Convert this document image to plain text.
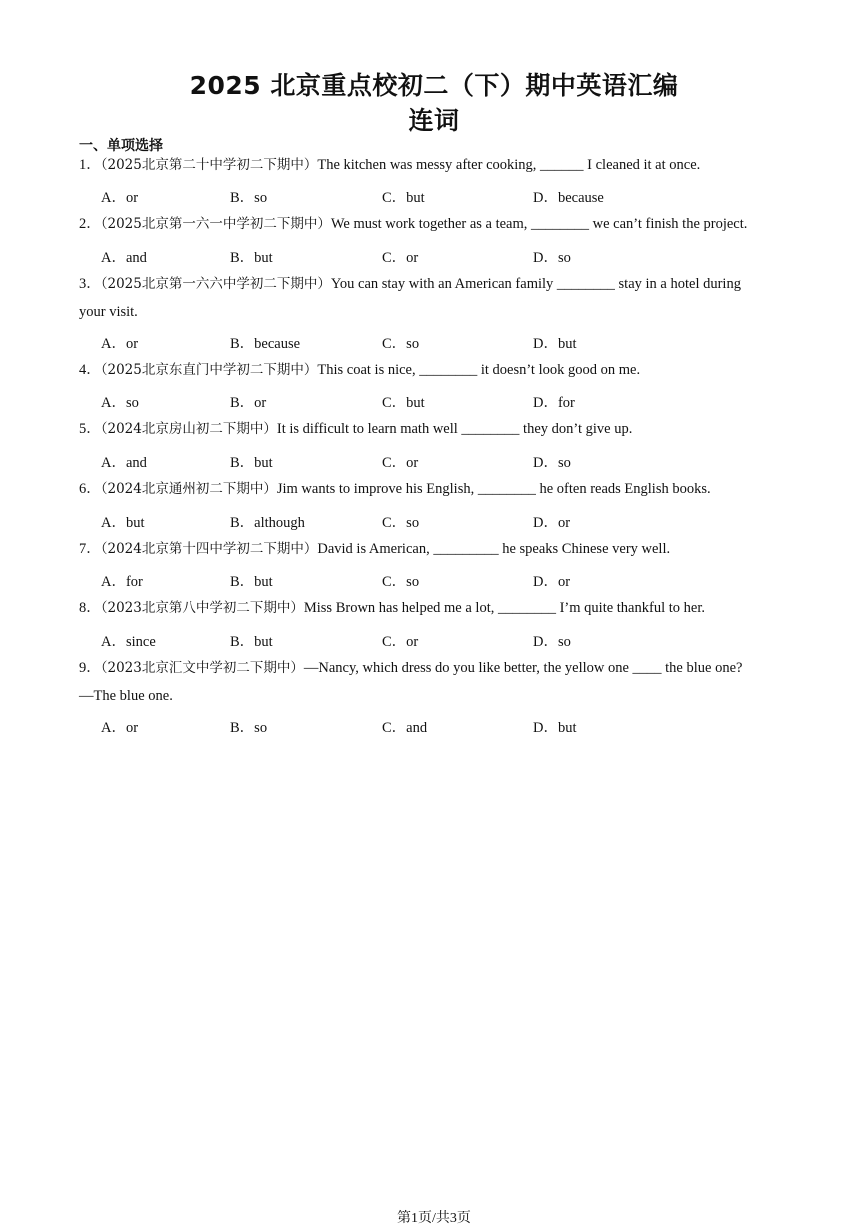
2025 北京重点校初二（下）期中英语汇编
连词
一、单项选择
1．（2025北京第二十中学初二下期中）The kitchen was messy after cooking, ______ I cleaned it at once.
A．or	B．so	C．but	D．because
2．（2025北京第一六一中学初二下期中）We must work together as a team, ________ we can’t finish the project.
A．and	B．but	C．or	D．so
3．（2025北京第一六六中学初二下期中）You can stay with an American family ________ stay in a hotel during
your visit.
A．or	B．because	C．so	D．but
4．（2025北京东直门中学初二下期中）This coat is nice, ________ it doesn’t look good on me.
A．so	B．or	C．but	D．for
5．（2024北京房山初二下期中）It is difficult to learn math well ________ they don’t give up.
A．and	B．but	C．or	D．so
6．（2024北京通州初二下期中）Jim wants to improve his English, ________ he often reads English books.
A．but	B．although	C．so	D．or
7．（2024北京第十四中学初二下期中）David is American, _________ he speaks Chinese very well.
A．for	B．but	C．so	D．or
8．（2023北京第八中学初二下期中）Miss Brown has helped me a lot, ________ I’m quite thankful to her.
A．since	B．but	C．or	D．so
9．（2023北京汇文中学初二下期中）—Nancy, which dress do you like better, the yellow one ____ the blue one?
—The blue one.
A．or	B．so	C．and	D．but
第1页/共3页
